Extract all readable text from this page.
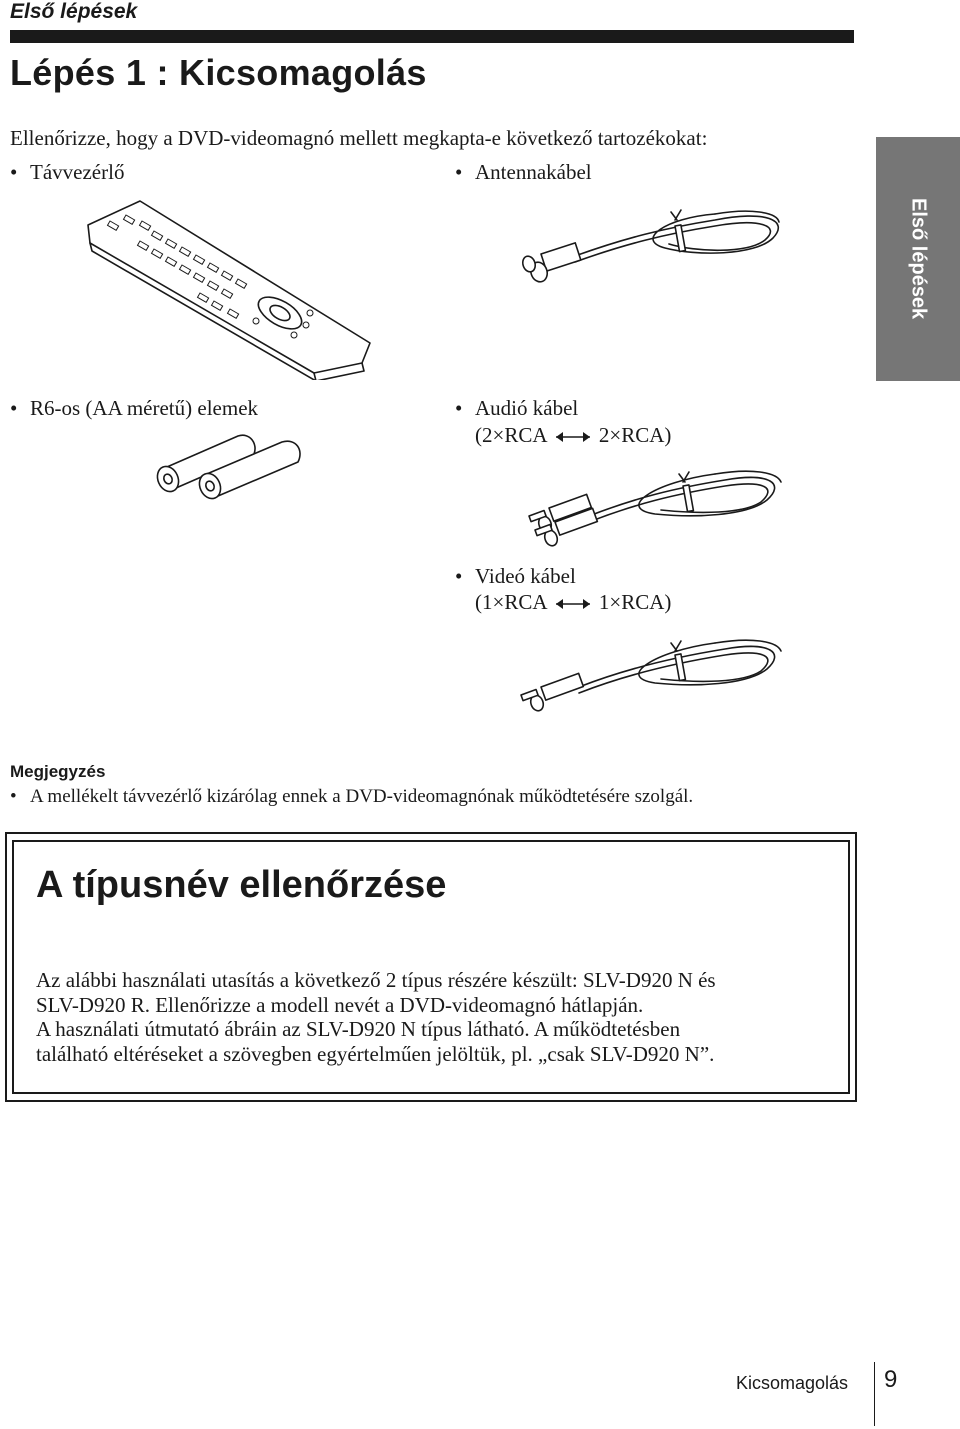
Első lépések
Lépés 1 : Kicsomagolás
Ellenőrizze, hogy a DVD-videomagnó mellett megkapta-e következő tartozékokat:
Első lépések
• Távvezérlő	• Antennakábel
• R6-os (AA méretű) elemek	• Audió kábel
(2×RCA	2×RCA)
• Videó kábel
(1×RCA	1×RCA)
Megjegyzés
• A mellékelt távvezérlő kizárólag ennek a DVD-videomagnónak működtetésére szolgál.
A típusnév ellenőrzése
Az alábbi használati utasítás a következő 2 típus részére készült: SLV-D920 N és
SLV-D920 R. Ellenőrizze a modell nevét a DVD-videomagnó hátlapján.
A használati útmutató ábráin az SLV-D920 N típus látható. A működtetésben
található eltéréseket a szövegben egyértelműen jelöltük, pl. „csak SLV-D920 N”.
Kicsomagolás 9
